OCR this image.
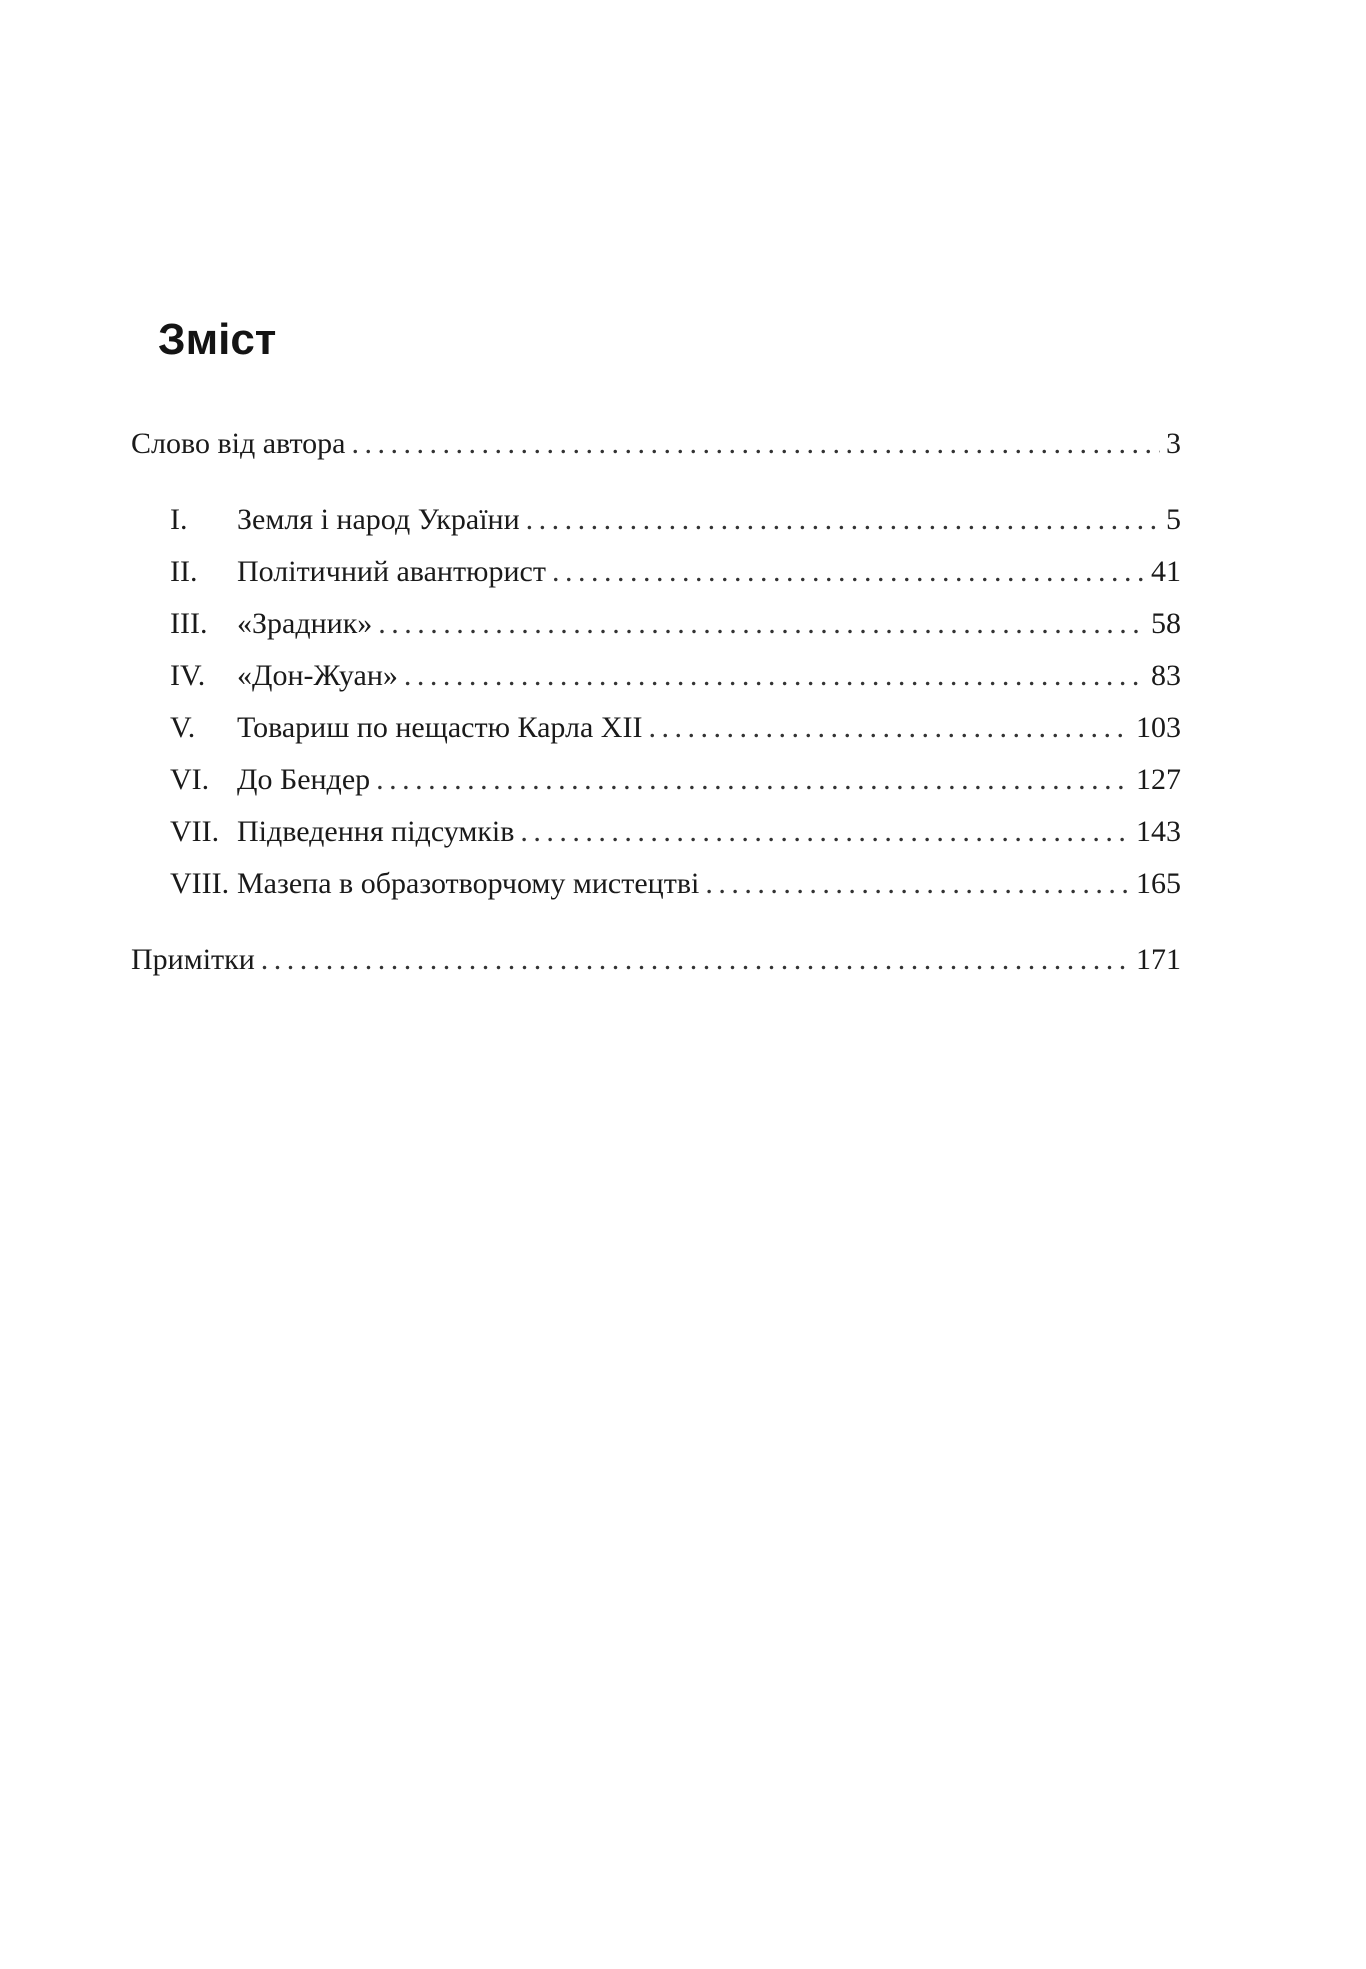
Зміст
Слово від автора . . .	3
I.	Земля і народ України . . .	5
II.	Політичний авантюрист . . .	41
III. «Зрадник» . . .	58
IV.	«Дон-Жуан» . . .	83
V.	Товариш по нещастю Карла XII . . .	103
VI. До Бендер . . .	127
VII. Підведення підсумків . . .	143
VIII. Мазепа в образотворчому мистецтві . . .	165
Примітки . . .	171
